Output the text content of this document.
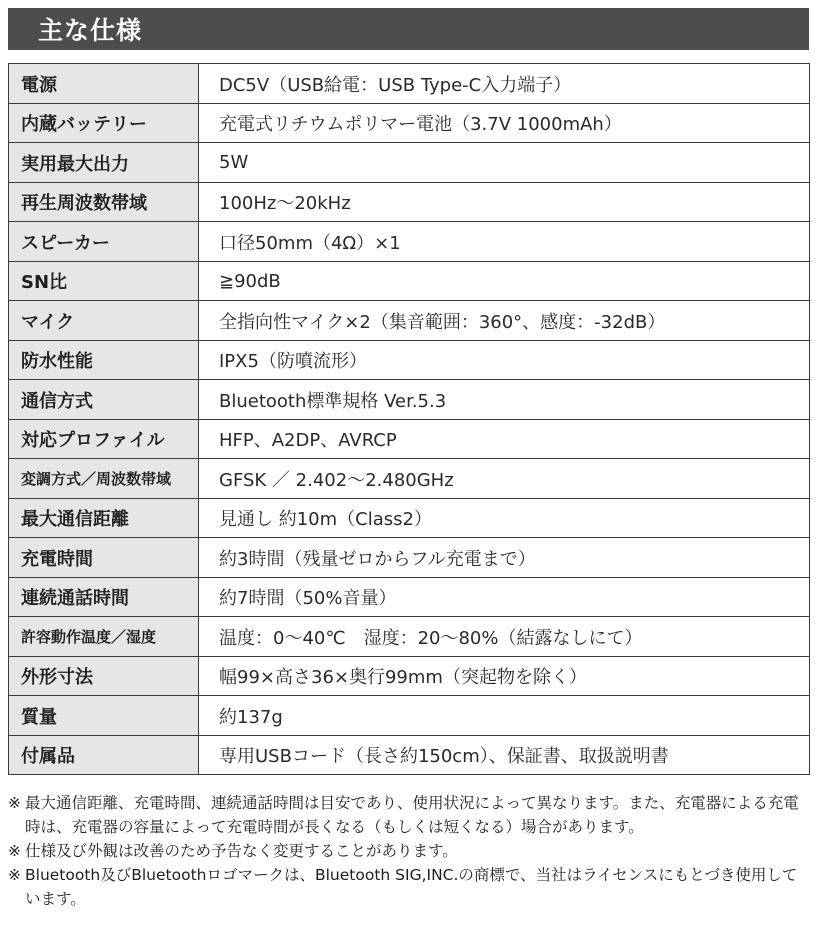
主な仕様
電源	DC5V（USB給電：USB Type-C入力端子）
内蔵バッテリー	充電式リチウムポリマー電池（3.7V 1000mAh）
実用最大出力	5W
再生周波数帯域	100Hz〜20kHz
スピーカー	口径50mm（4Ω）×1
SN比	≧90dB
マイク	全指向性マイク×2（集音範囲：360°、感度：-32dB）
防水性能	IPX5（防噴流形）
通信方式	Bluetooth標準規格 Ver.5.3
対応プロファイル	HFP、A2DP、AVRCP
変調方式／周波数帯域	GFSK ／ 2.402〜2.480GHz
最大通信距離	見通し 約10m（Class2）
充電時間	約3時間（残量ゼロからフル充電まで）
連続通話時間	約7時間（50%音量）
許容動作温度／湿度	温度：0〜40℃　湿度：20〜80%（結露なしにて）
外形寸法	幅99×高さ36×奥行99mm（突起物を除く）
質量	約137g
付属品	専用USBコード（長さ約150cm）、保証書、取扱説明書

※ 最大通信距離、充電時間、連続通話時間は目安であり、使用状況によって異なります。また、充電器による充電時は、充電器の容量によって充電時間が長くなる（もしくは短くなる）場合があります。

※ 仕様及び外観は改善のため予告なく変更することがあります。

※ Bluetooth及びBluetoothロゴマークは、Bluetooth SIG,INC.の商標で、当社はライセンスにもとづき使用しています。
